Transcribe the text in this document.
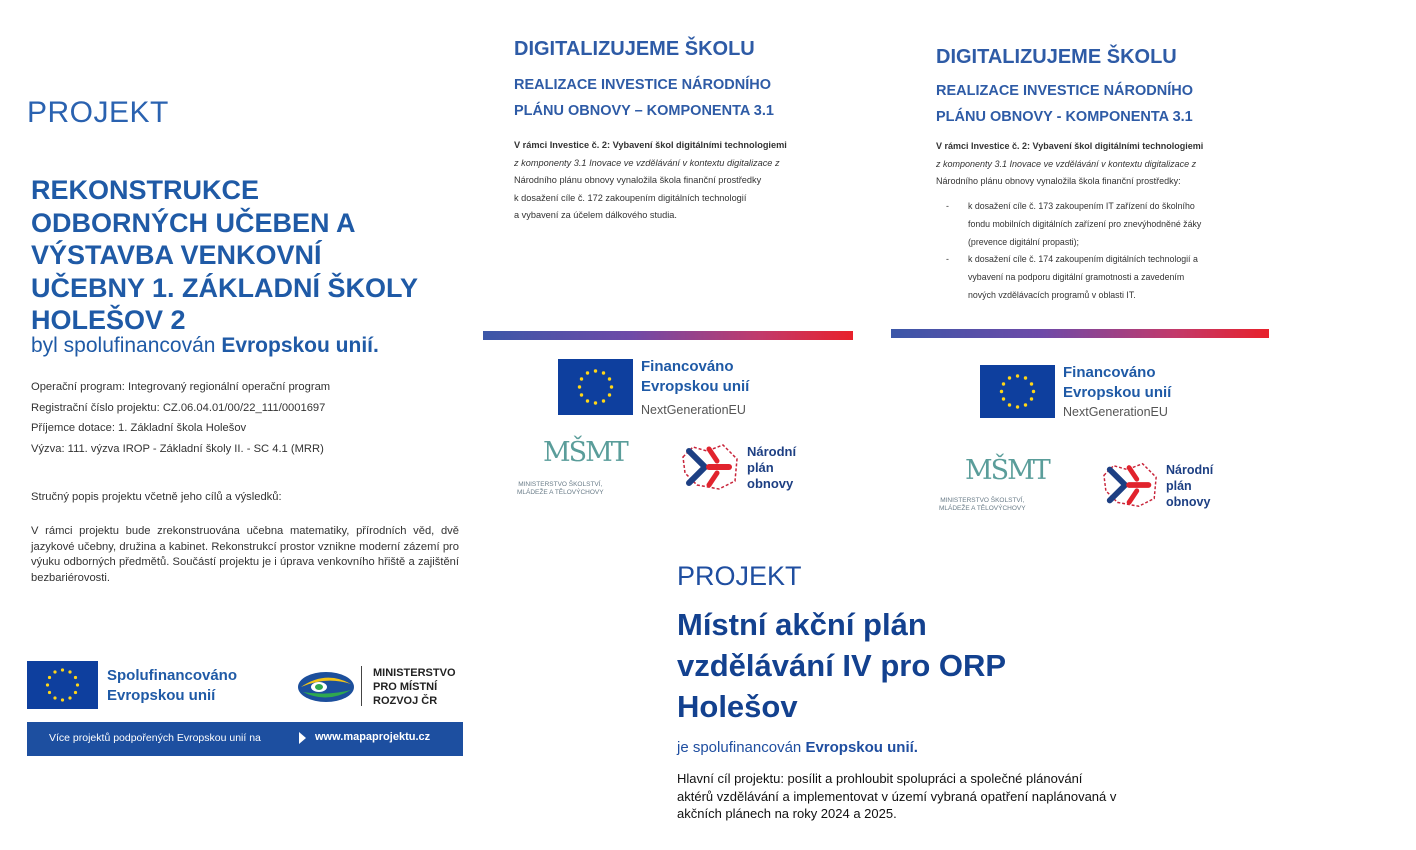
PROJEKT
REKONSTRUKCE
ODBORNÝCH UČEBEN A
VÝSTAVBA VENKOVNÍ
UČEBNY 1. ZÁKLADNÍ ŠKOLY
HOLEŠOV 2
byl spolufinancován Evropskou unií.
Operační program: Integrovaný regionální operační program
Registrační číslo projektu: CZ.06.04.01/00/22_111/0001697
Příjemce dotace: 1. Základní škola Holešov
Výzva: 111. výzva IROP - Základní školy II. - SC 4.1 (MRR)
Stručný popis projektu včetně jeho cílů a výsledků:
V rámci projektu bude zrekonstruována učebna matematiky, přírodních věd, dvě jazykové učebny, družina a kabinet. Rekonstrukcí prostor vznikne moderní zázemí pro výuku odborných předmětů. Součástí projektu je i úprava venkovního hřiště a zajištění bezbariérovosti.
Spolufinancováno
Evropskou unií
MINISTERSTVO
PRO MÍSTNÍ
ROZVOJ ČR
Více projektů podpořených Evropskou unií na	www.mapaprojektu.cz
DIGITALIZUJEME ŠKOLU
REALIZACE INVESTICE NÁRODNÍHO
PLÁNU OBNOVY – KOMPONENTA 3.1
V rámci Investice č. 2: Vybavení škol digitálními technologiemi
z komponenty 3.1 Inovace ve vzdělávání v kontextu digitalizace z
Národního plánu obnovy vynaložila škola finanční prostředky
k dosažení cíle č. 172 zakoupením digitálních technologií
a vybavení za účelem dálkového studia.
Financováno
Evropskou unií
NextGenerationEU
MŠMT
MINISTERSTVO ŠKOLSTVÍ,
MLÁDEŽE A TĚLOVÝCHOVY
Národní
plán
obnovy
DIGITALIZUJEME ŠKOLU
REALIZACE INVESTICE NÁRODNÍHO
PLÁNU OBNOVY - KOMPONENTA 3.1
V rámci Investice č. 2: Vybavení škol digitálními technologiemi
z komponenty 3.1 Inovace ve vzdělávání v kontextu digitalizace z
Národního plánu obnovy vynaložila škola finanční prostředky:
- k dosažení cíle č. 173 zakoupením IT zařízení do školního
fondu mobilních digitálních zařízení pro znevýhodněné žáky
(prevence digitální propasti);
- k dosažení cíle č. 174 zakoupením digitálních technologií a
vybavení na podporu digitální gramotnosti a zavedením
nových vzdělávacích programů v oblasti IT.
Financováno
Evropskou unií
NextGenerationEU
MŠMT
MINISTERSTVO ŠKOLSTVÍ,
MLÁDEŽE A TĚLOVÝCHOVY
Národní
plán
obnovy
PROJEKT
Místní akční plán
vzdělávání IV pro ORP
Holešov
je spolufinancován Evropskou unií.
Hlavní cíl projektu: posílit a prohloubit spolupráci a společné plánování aktérů vzdělávání a implementovat v území vybraná opatření naplánovaná v akčních plánech na roky 2024 a 2025.
